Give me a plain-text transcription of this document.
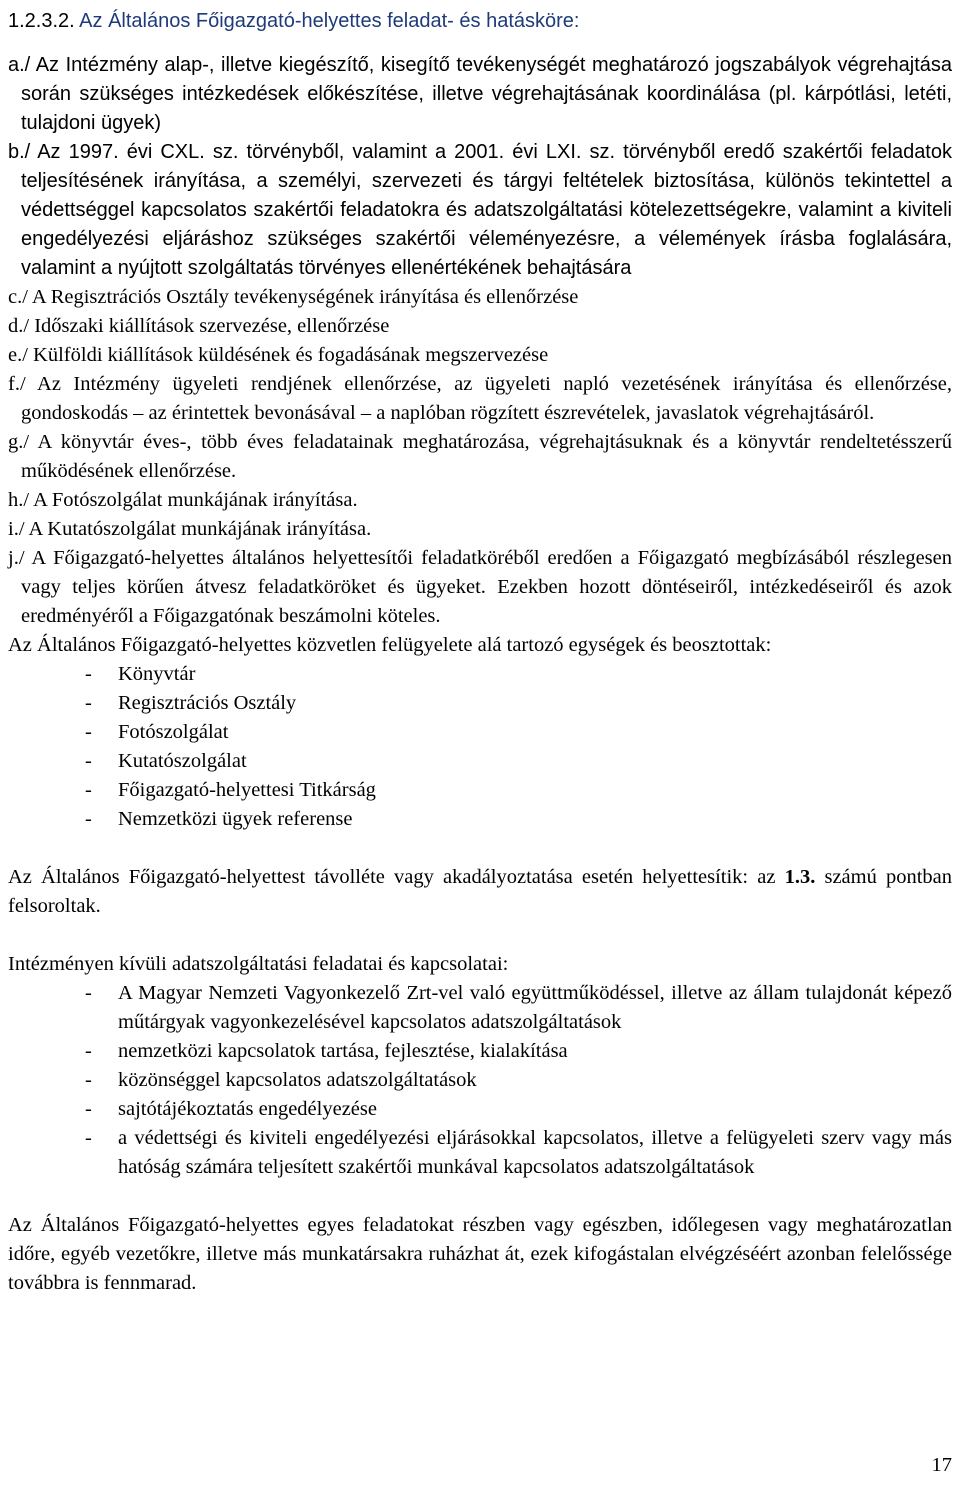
1.2.3.2. Az Általános Főigazgató-helyettes feladat- és hatásköre:

a./ Az Intézmény alap-, illetve kiegészítő, kisegítő tevékenységét meghatározó jogszabályok végrehajtása során szükséges intézkedések előkészítése, illetve végrehajtásának koordinálása (pl. kárpótlási, letéti, tulajdoni ügyek)

b./ Az 1997. évi CXL. sz. törvényből, valamint a 2001. évi LXI. sz. törvényből eredő szakértői feladatok teljesítésének irányítása, a személyi, szervezeti és tárgyi feltételek biztosítása, különös tekintettel a védettséggel kapcsolatos szakértői feladatokra és adatszolgáltatási kötelezettségekre, valamint a kiviteli engedélyezési eljáráshoz szükséges szakértői véleményezésre, a vélemények írásba foglalására, valamint a nyújtott szolgáltatás törvényes ellenértékének behajtására

c./ A Regisztrációs Osztály tevékenységének irányítása és ellenőrzése

d./ Időszaki kiállítások szervezése, ellenőrzése

e./ Külföldi kiállítások küldésének és fogadásának megszervezése

f./ Az Intézmény ügyeleti rendjének ellenőrzése, az ügyeleti napló vezetésének irányítása és ellenőrzése, gondoskodás – az érintettek bevonásával – a naplóban rögzített észrevételek, javaslatok végrehajtásáról.

g./ A könyvtár éves-, több éves feladatainak meghatározása, végrehajtásuknak és a könyvtár rendeltetésszerű működésének ellenőrzése.

h./ A Fotószolgálat munkájának irányítása.

i./ A Kutatószolgálat munkájának irányítása.

j./ A Főigazgató-helyettes általános helyettesítői feladatköréből eredően a Főigazgató megbízásából részlegesen vagy teljes körűen átvesz feladatköröket és ügyeket. Ezekben hozott döntéseiről, intézkedéseiről és azok eredményéről a Főigazgatónak beszámolni köteles.

Az Általános Főigazgató-helyettes közvetlen felügyelete alá tartozó egységek és beosztottak:

- Könyvtár
- Regisztrációs Osztály
- Fotószolgálat
- Kutatószolgálat
- Főigazgató-helyettesi Titkárság
- Nemzetközi ügyek referense

Az Általános Főigazgató-helyettest távolléte vagy akadályoztatása esetén helyettesítik: az 1.3. számú pontban felsoroltak.

Intézményen kívüli adatszolgáltatási feladatai és kapcsolatai:

- A Magyar Nemzeti Vagyonkezelő Zrt-vel való együttműködéssel, illetve az állam tulajdonát képező műtárgyak vagyonkezelésével kapcsolatos adatszolgáltatások
- nemzetközi kapcsolatok tartása, fejlesztése, kialakítása
- közönséggel kapcsolatos adatszolgáltatások
- sajtótájékoztatás engedélyezése
- a védettségi és kiviteli engedélyezési eljárásokkal kapcsolatos, illetve a felügyeleti szerv vagy más hatóság számára teljesített szakértői munkával kapcsolatos adatszolgáltatások

Az Általános Főigazgató-helyettes egyes feladatokat részben vagy egészben, időlegesen vagy meghatározatlan időre, egyéb vezetőkre, illetve más munkatársakra ruházhat át, ezek kifogástalan elvégzéséért azonban felelőssége továbbra is fennmarad.

17
